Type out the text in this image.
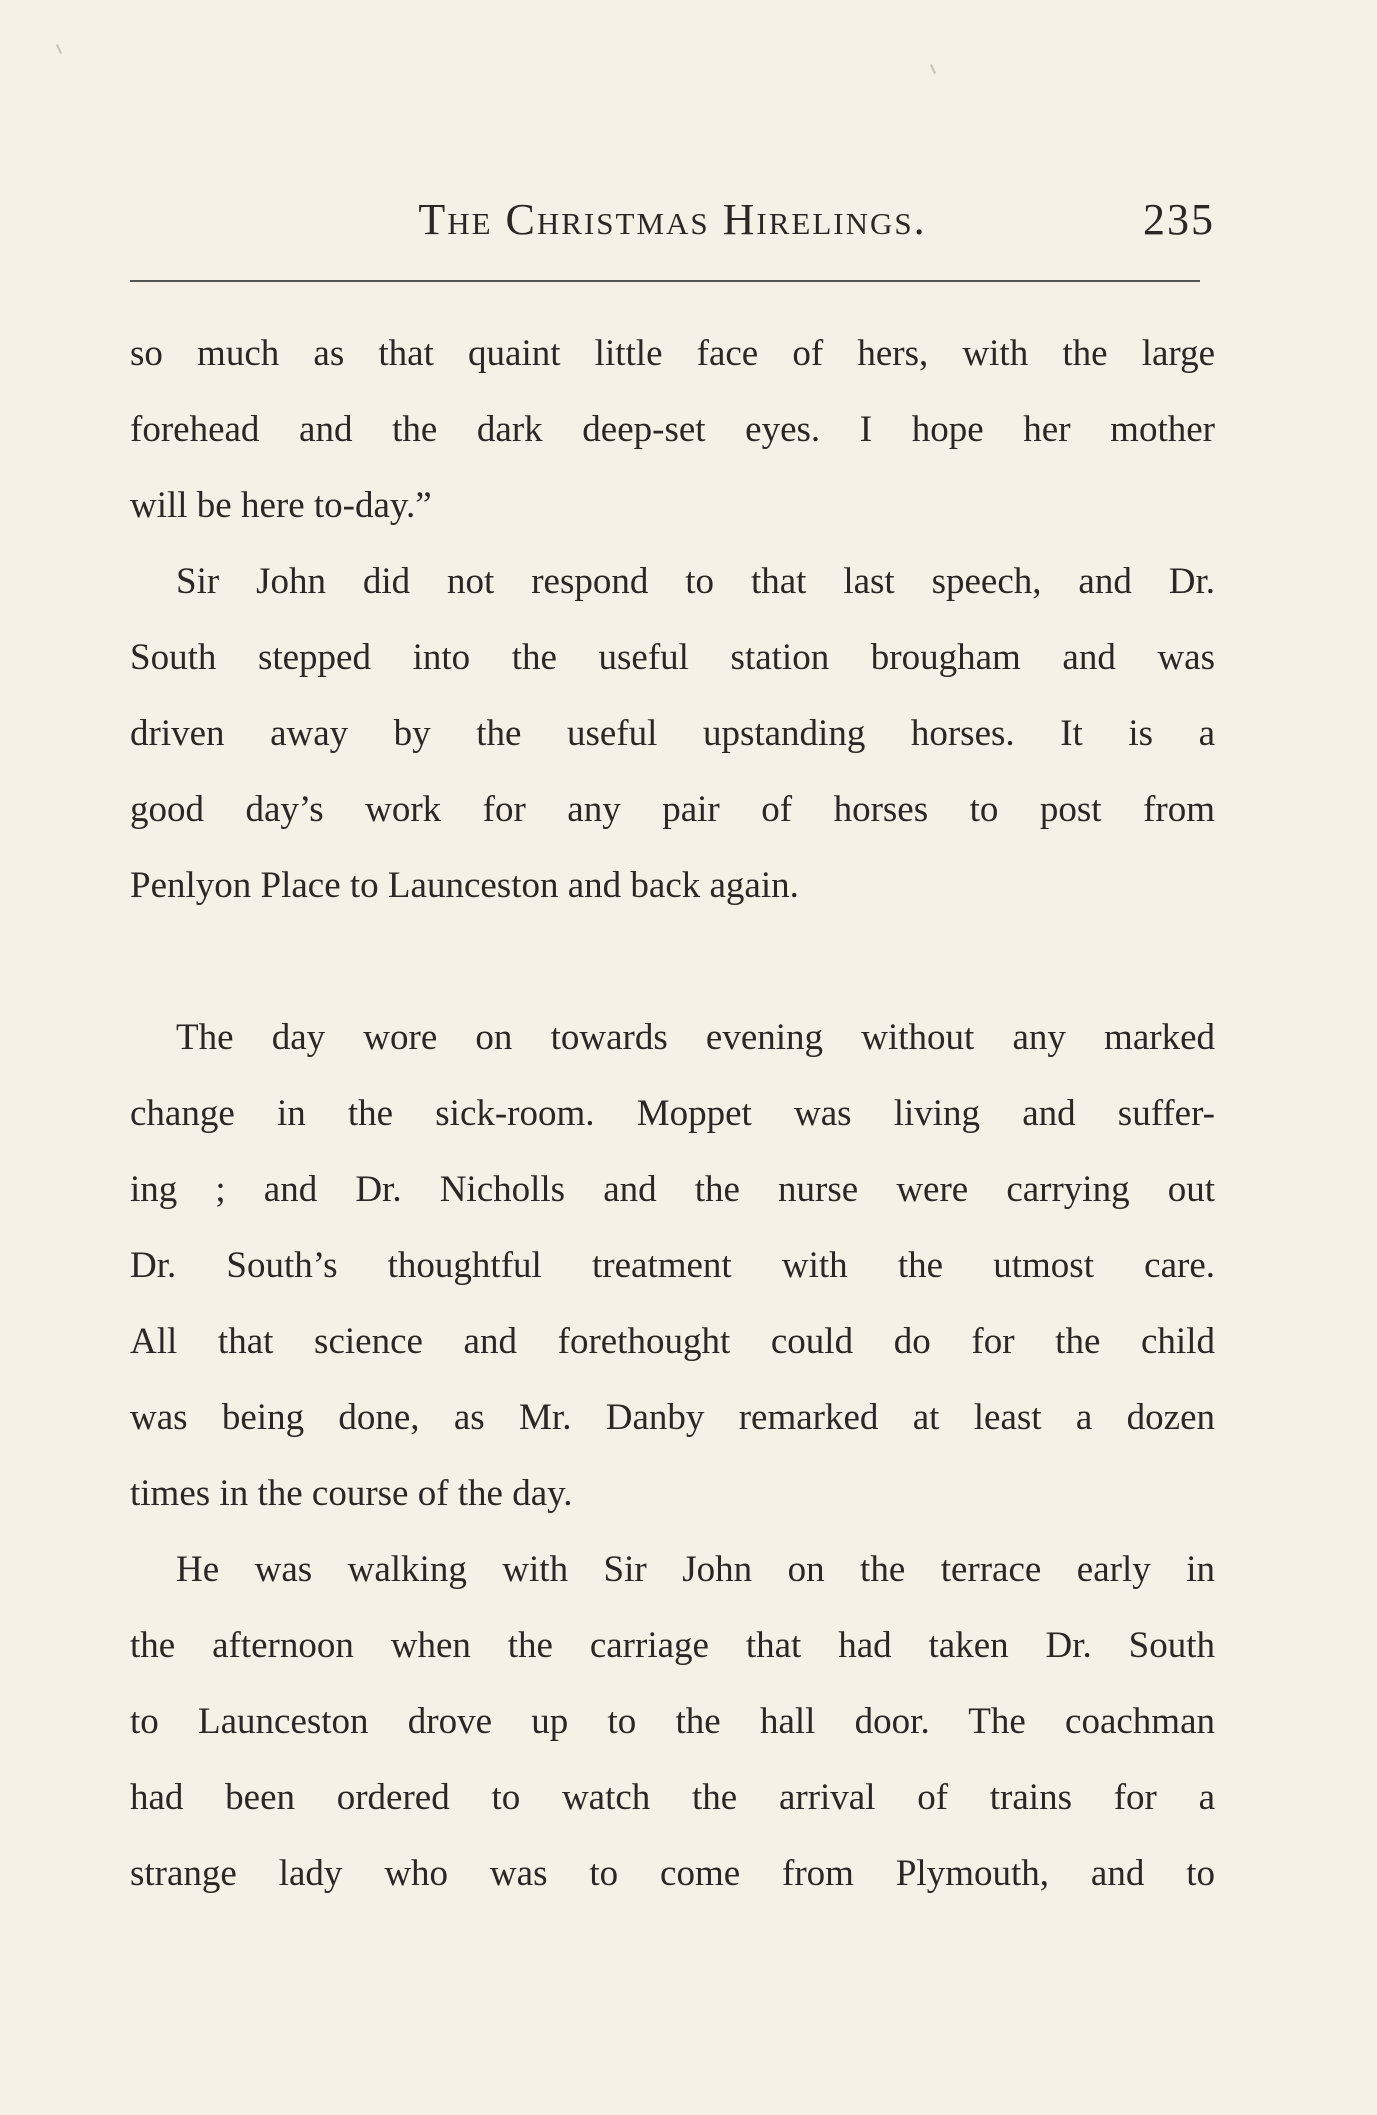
The Christmas Hirelings.	235

so much as that quaint little face of hers, with the large
forehead and the dark deep-set eyes. I hope her mother
will be here to-day.”

Sir John did not respond to that last speech, and Dr.
South stepped into the useful station brougham and was
driven away by the useful upstanding horses. It is a
good day’s work for any pair of horses to post from
Penlyon Place to Launceston and back again.

The day wore on towards evening without any marked
change in the sick-room. Moppet was living and suffer-
ing ; and Dr. Nicholls and the nurse were carrying out
Dr. South’s thoughtful treatment with the utmost care.
All that science and forethought could do for the child
was being done, as Mr. Danby remarked at least a dozen
times in the course of the day.

He was walking with Sir John on the terrace early in
the afternoon when the carriage that had taken Dr. South
to Launceston drove up to the hall door. The coachman
had been ordered to watch the arrival of trains for a
strange lady who was to come from Plymouth, and to
